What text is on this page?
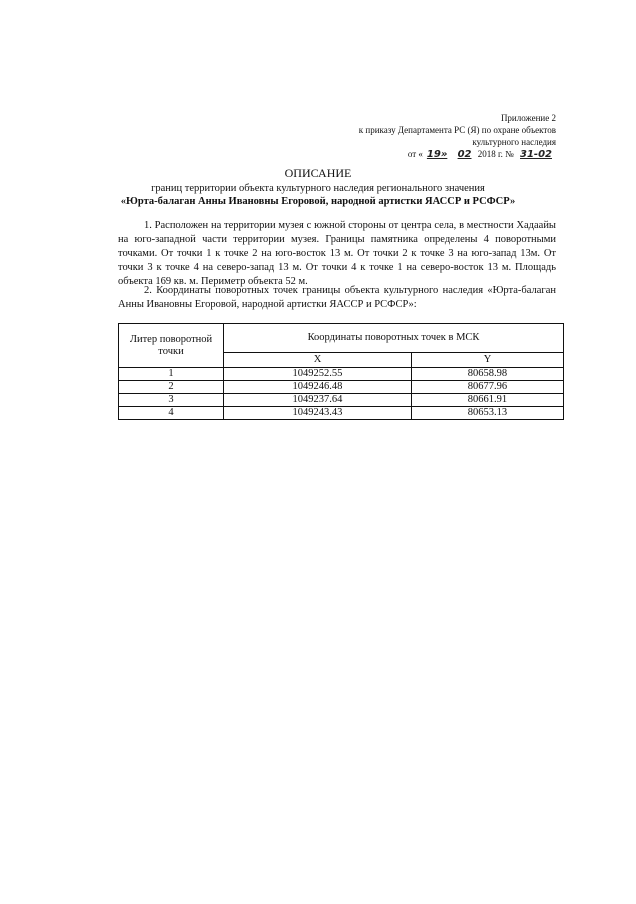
Приложение 2
к приказу Департамента РС (Я) по охране объектов
культурного наследия
от « 19» 02 2018 г. № 31-02
ОПИСАНИЕ
границ территории объекта культурного наследия регионального значения
«Юрта-балаган Анны Ивановны Егоровой, народной артистки ЯАССР и РСФСР»

1. Расположен на территории музея с южной стороны от центра села, в местности Хадаайы на юго-западной части территории музея. Границы памятника определены 4 поворотными точками. От точки 1 к точке 2 на юго-восток 13 м. От точки 2 к точке 3 на юго-запад 13м. От точки 3 к точке 4 на северо-запад 13 м. От точки 4 к точке 1 на северо-восток 13 м. Площадь объекта 169 кв. м. Периметр объекта 52 м.

2. Координаты поворотных точек границы объекта культурного наследия «Юрта-балаган Анны Ивановны Егоровой, народной артистки ЯАССР и РСФСР»:

Литер поворотной точки	Координаты поворотных точек в МСК	
	X	Y
1	1049252.55	80658.98
2	1049246.48	80677.96
3	1049237.64	80661.91
4	1049243.43	80653.13
